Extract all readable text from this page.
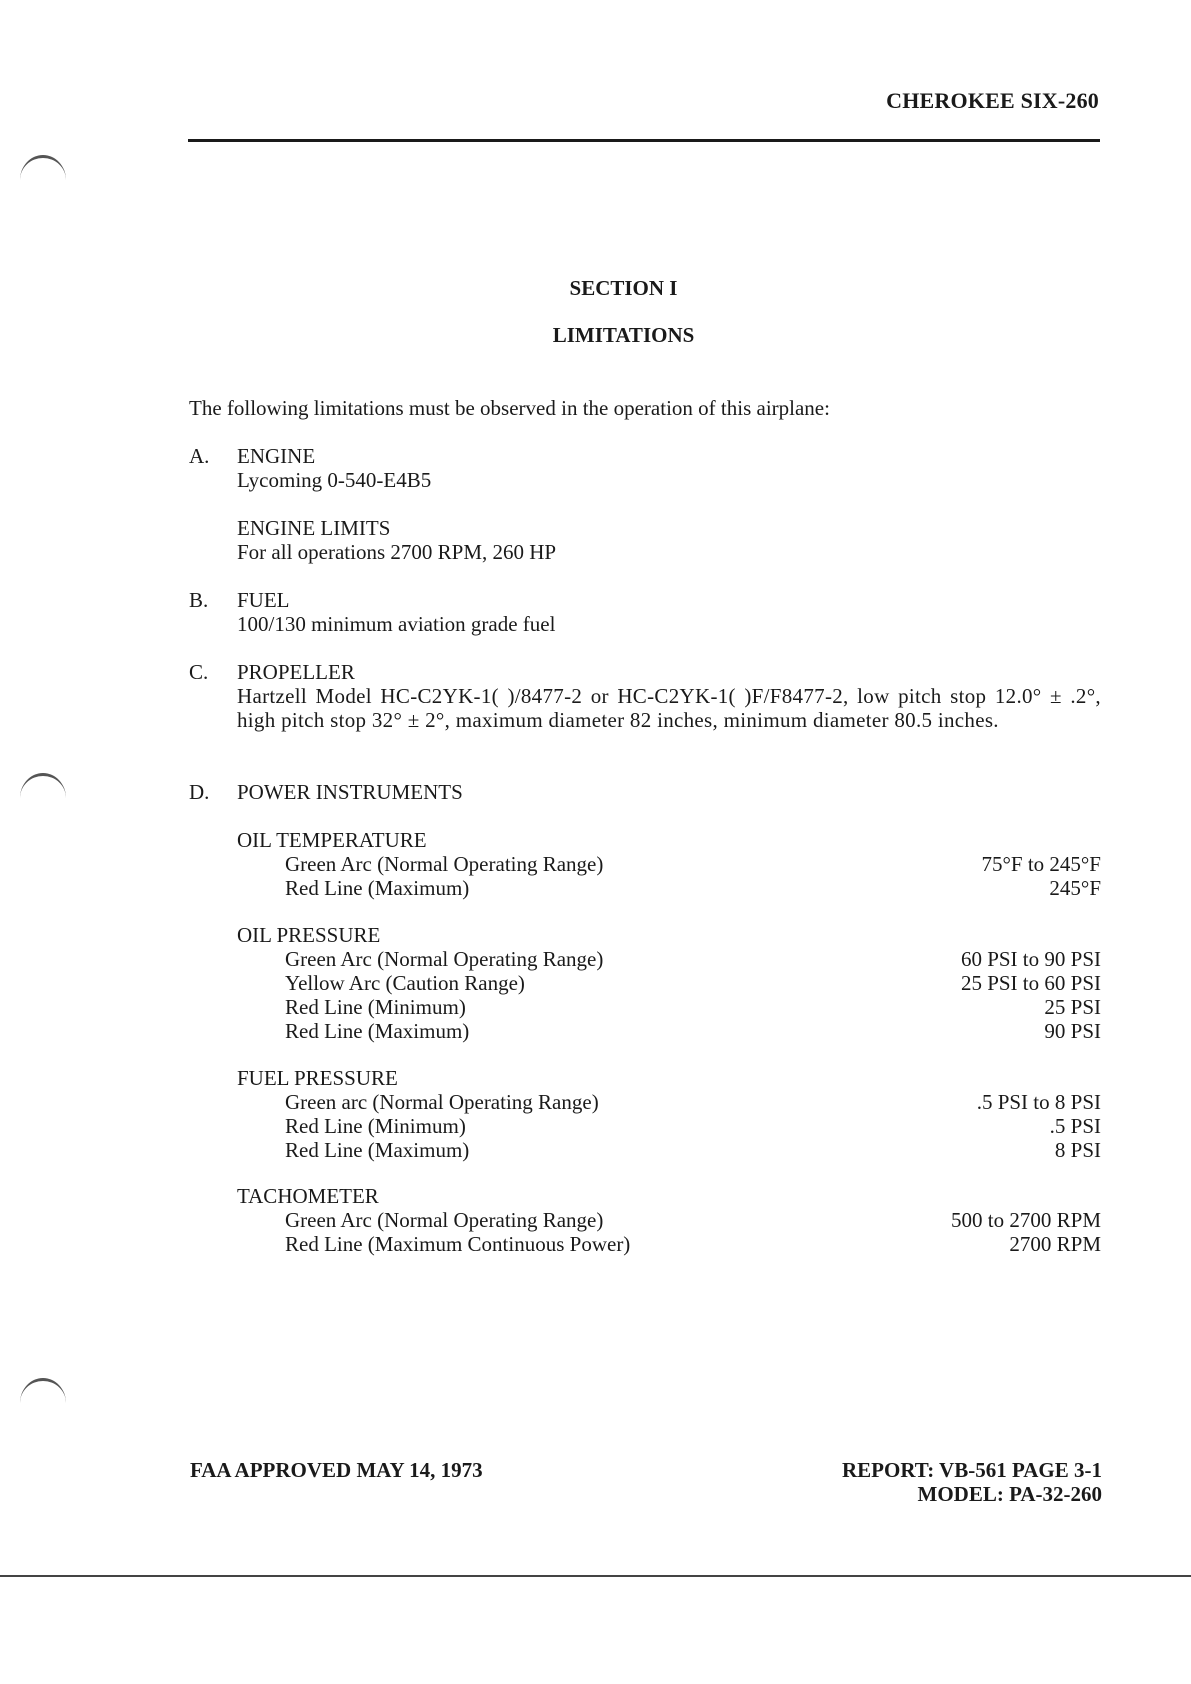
CHEROKEE SIX-260
SECTION I
LIMITATIONS
The following limitations must be observed in the operation of this airplane:
A. ENGINE
Lycoming 0-540-E4B5
ENGINE LIMITS
For all operations 2700 RPM, 260 HP
B. FUEL
100/130 minimum aviation grade fuel
C. PROPELLER
Hartzell Model HC-C2YK-1( )/8477-2 or HC-C2YK-1( )F/F8477-2, low pitch stop 12.0° ± .2°, high pitch stop 32° ± 2°, maximum diameter 82 inches, minimum diameter 80.5 inches.
D. POWER INSTRUMENTS
OIL TEMPERATURE
Green Arc (Normal Operating Range)	75°F to 245°F
Red Line (Maximum)	245°F
OIL PRESSURE
Green Arc (Normal Operating Range)	60 PSI to 90 PSI
Yellow Arc (Caution Range)	25 PSI to 60 PSI
Red Line (Minimum)	25 PSI
Red Line (Maximum)	90 PSI
FUEL PRESSURE
Green arc (Normal Operating Range)	.5 PSI to 8 PSI
Red Line (Minimum)	.5 PSI
Red Line (Maximum)	8 PSI
TACHOMETER
Green Arc (Normal Operating Range)	500 to 2700 RPM
Red Line (Maximum Continuous Power)	2700 RPM
FAA APPROVED MAY 14, 1973	REPORT: VB-561 PAGE 3-1
MODEL: PA-32-260
